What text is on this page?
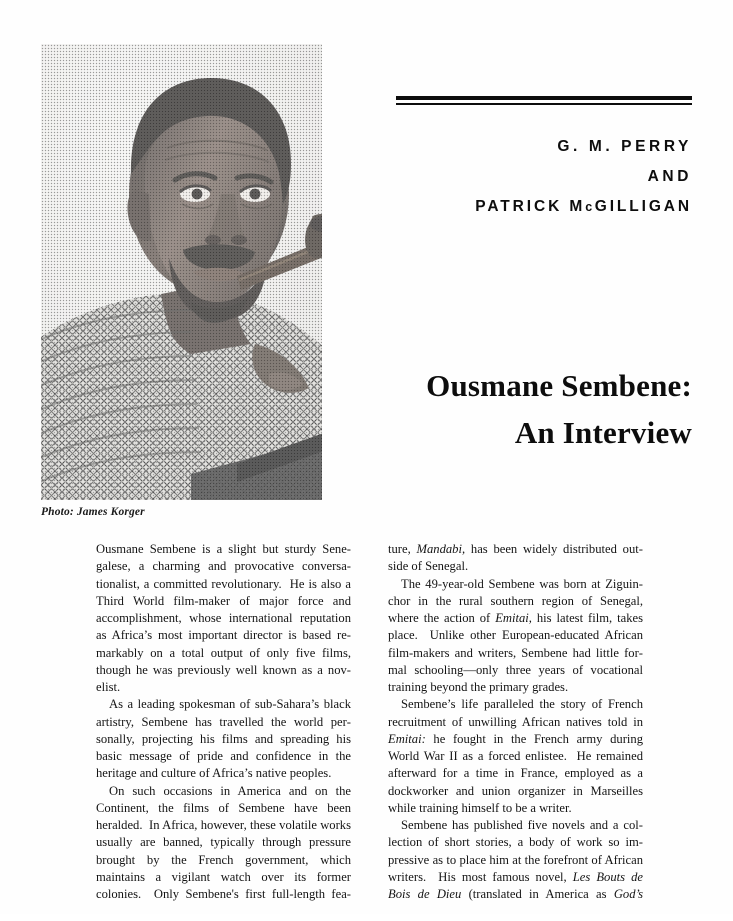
Photo: James Korger
G. M. PERRY
AND
PATRICK McGILLIGAN
Ousmane Sembene:
An Interview

Ousmane Sembene is a slight but sturdy Senegalese, a charming and provocative conversationalist, a committed revolutionary.  He is also a Third World film-maker of major force and accomplishment, whose international reputation as Africa’s most important director is based remarkably on a total output of only five films, though he was previously well known as a novelist.

As a leading spokesman of sub-Sahara’s black artistry, Sembene has travelled the world personally, projecting his films and spreading his basic message of pride and confidence in the heritage and culture of Africa’s native peoples.

On such occasions in America and on the Continent, the films of Sembene have been heralded.  In Africa, however, these volatile works usually are banned, typically through pressure brought by the French government, which maintains a vigilant watch over its former colonies.  Only Sembene's first full-length fea-

ture, Mandabi, has been widely distributed outside of Senegal.

The 49-year-old Sembene was born at Ziguinchor in the rural southern region of Senegal, where the action of Emitai, his latest film, takes place.  Unlike other European-educated African film-makers and writers, Sembene had little formal schooling—only three years of vocational training beyond the primary grades.

Sembene’s life paralleled the story of French recruitment of unwilling African natives told in Emitai: he fought in the French army during World War II as a forced enlistee.  He remained afterward for a time in France, employed as a dockworker and union organizer in Marseilles while training himself to be a writer.

Sembene has published five novels and a collection of short stories, a body of work so impressive as to place him at the forefront of African writers.  His most famous novel, Les Bouts de Bois de Dieu (translated in America as God’s
